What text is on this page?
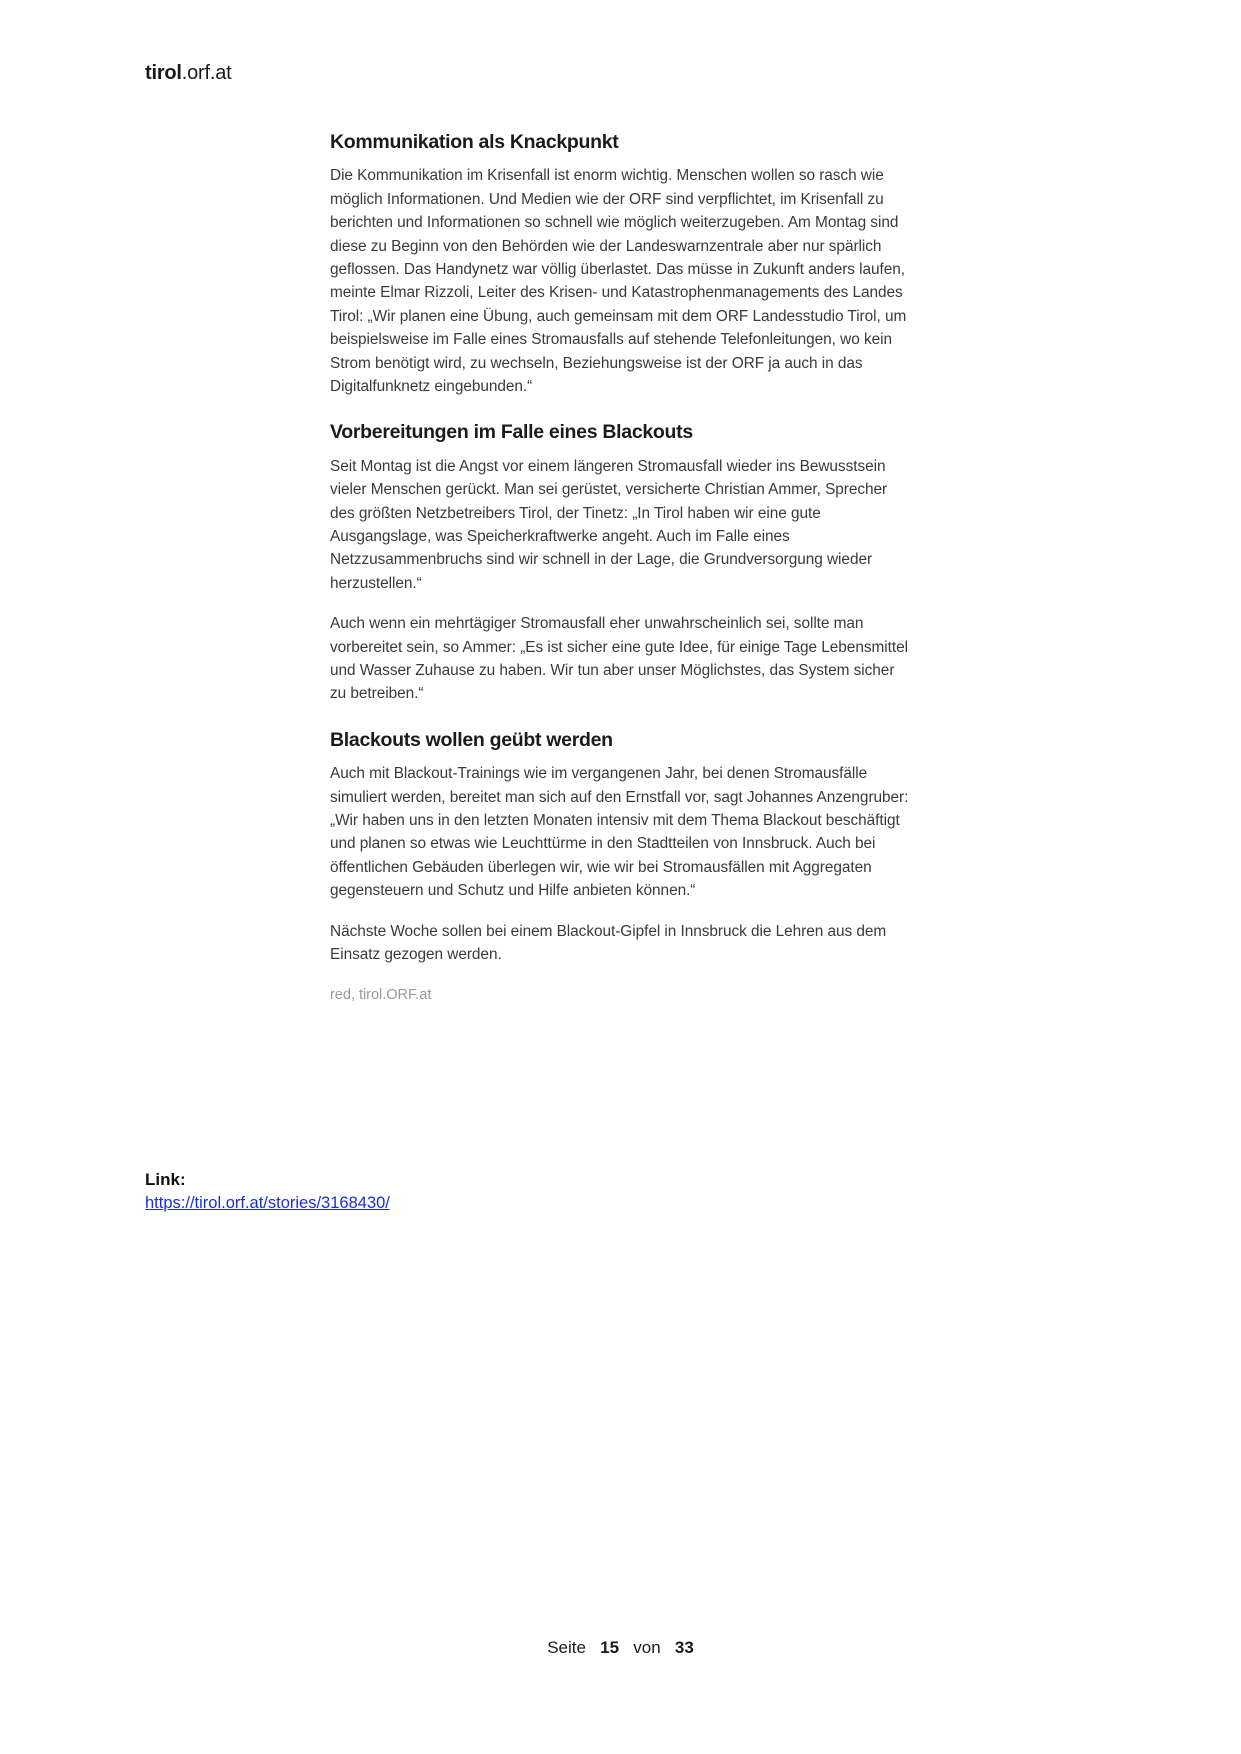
tirol.orf.at
Kommunikation als Knackpunkt

Die Kommunikation im Krisenfall ist enorm wichtig. Menschen wollen so rasch wie möglich Informationen. Und Medien wie der ORF sind verpflichtet, im Krisenfall zu berichten und Informationen so schnell wie möglich weiterzugeben. Am Montag sind diese zu Beginn von den Behörden wie der Landeswarnzentrale aber nur spärlich geflossen. Das Handynetz war völlig überlastet. Das müsse in Zukunft anders laufen, meinte Elmar Rizzoli, Leiter des Krisen- und Katastrophenmanagements des Landes Tirol: „Wir planen eine Übung, auch gemeinsam mit dem ORF Landesstudio Tirol, um beispielsweise im Falle eines Stromausfalls auf stehende Telefonleitungen, wo kein Strom benötigt wird, zu wechseln, Beziehungsweise ist der ORF ja auch in das Digitalfunknetz eingebunden.“

Vorbereitungen im Falle eines Blackouts

Seit Montag ist die Angst vor einem längeren Stromausfall wieder ins Bewusstsein vieler Menschen gerückt. Man sei gerüstet, versicherte Christian Ammer, Sprecher des größten Netzbetreibers Tirol, der Tinetz: „In Tirol haben wir eine gute Ausgangslage, was Speicherkraftwerke angeht. Auch im Falle eines Netzzusammenbruchs sind wir schnell in der Lage, die Grundversorgung wieder herzustellen.“

Auch wenn ein mehrtägiger Stromausfall eher unwahrscheinlich sei, sollte man vorbereitet sein, so Ammer: „Es ist sicher eine gute Idee, für einige Tage Lebensmittel und Wasser Zuhause zu haben. Wir tun aber unser Möglichstes, das System sicher zu betreiben.“

Blackouts wollen geübt werden

Auch mit Blackout-Trainings wie im vergangenen Jahr, bei denen Stromausfälle simuliert werden, bereitet man sich auf den Ernstfall vor, sagt Johannes Anzengruber: „Wir haben uns in den letzten Monaten intensiv mit dem Thema Blackout beschäftigt und planen so etwas wie Leuchttürme in den Stadtteilen von Innsbruck. Auch bei öffentlichen Gebäuden überlegen wir, wie wir bei Stromausfällen mit Aggregaten gegensteuern und Schutz und Hilfe anbieten können.“

Nächste Woche sollen bei einem Blackout-Gipfel in Innsbruck die Lehren aus dem Einsatz gezogen werden.

red, tirol.ORF.at
Link:
https://tirol.orf.at/stories/3168430/
Seite 15 von 33
